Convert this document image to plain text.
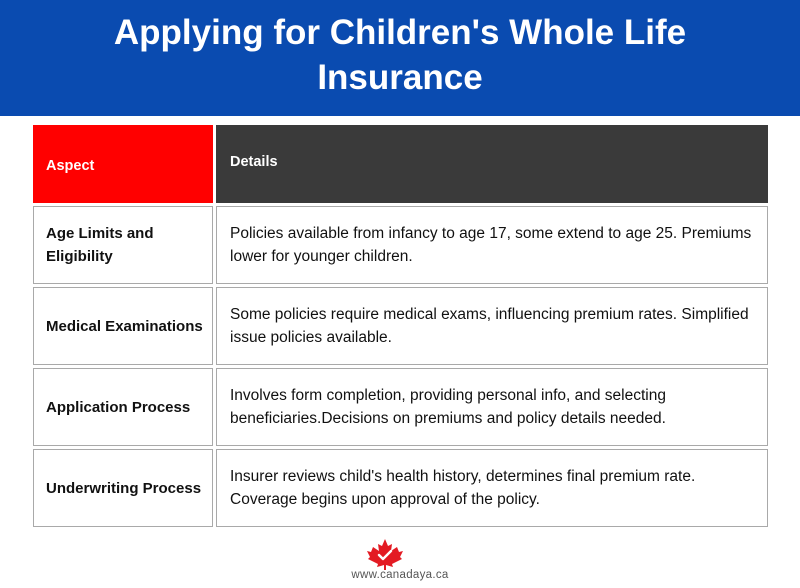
Applying for Children's Whole Life Insurance
Aspect	Details
Age Limits and Eligibility
Policies available from infancy to age 17, some extend to age 25. Premiums lower for younger children.
Medical Examinations
Some policies require medical exams, influencing premium rates. Simplified issue policies available.
Application Process
Involves form completion, providing personal info, and selecting beneficiaries.Decisions on premiums and policy details needed.
Underwriting Process
Insurer reviews child's health history, determines final premium rate. Coverage begins upon approval of the policy.
www.canadaya.ca
